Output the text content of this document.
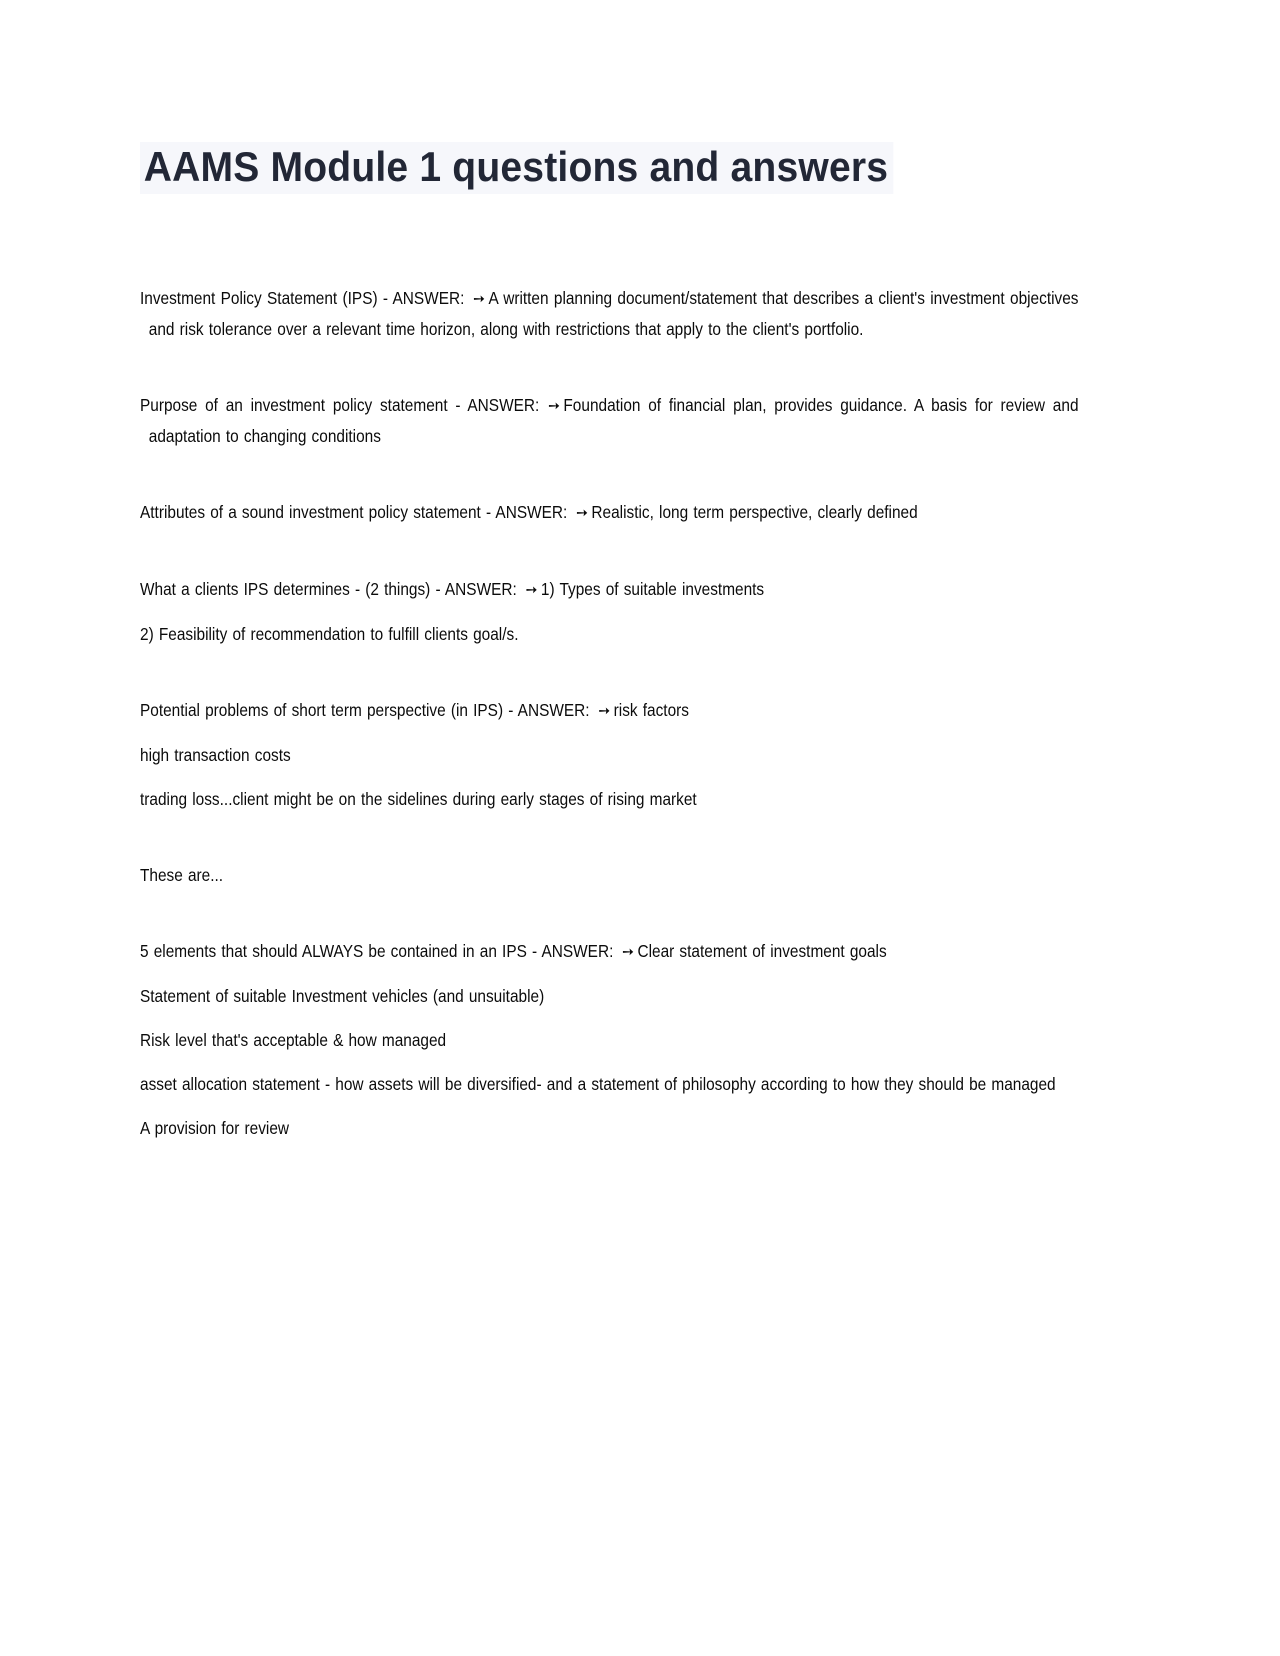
AAMS Module 1 questions and answers

Investment Policy Statement (IPS) - ANSWER: ➙ A written planning document/statement that describes a client's investment objectives and risk tolerance over a relevant time horizon, along with restrictions that apply to the client's portfolio.

Purpose of an investment policy statement - ANSWER: ➙ Foundation of financial plan, provides guidance. A basis for review and adaptation to changing conditions

Attributes of a sound investment policy statement - ANSWER: ➙ Realistic, long term perspective, clearly defined

What a clients IPS determines - (2 things) - ANSWER: ➙ 1) Types of suitable investments

2) Feasibility of recommendation to fulfill clients goal/s.

Potential problems of short term perspective (in IPS) - ANSWER: ➙ risk factors

high transaction costs

trading loss...client might be on the sidelines during early stages of rising market

These are...

5 elements that should ALWAYS be contained in an IPS - ANSWER: ➙ Clear statement of investment goals

Statement of suitable Investment vehicles (and unsuitable)

Risk level that's acceptable & how managed

asset allocation statement - how assets will be diversified- and a statement of philosophy according to how they should be managed

A provision for review
